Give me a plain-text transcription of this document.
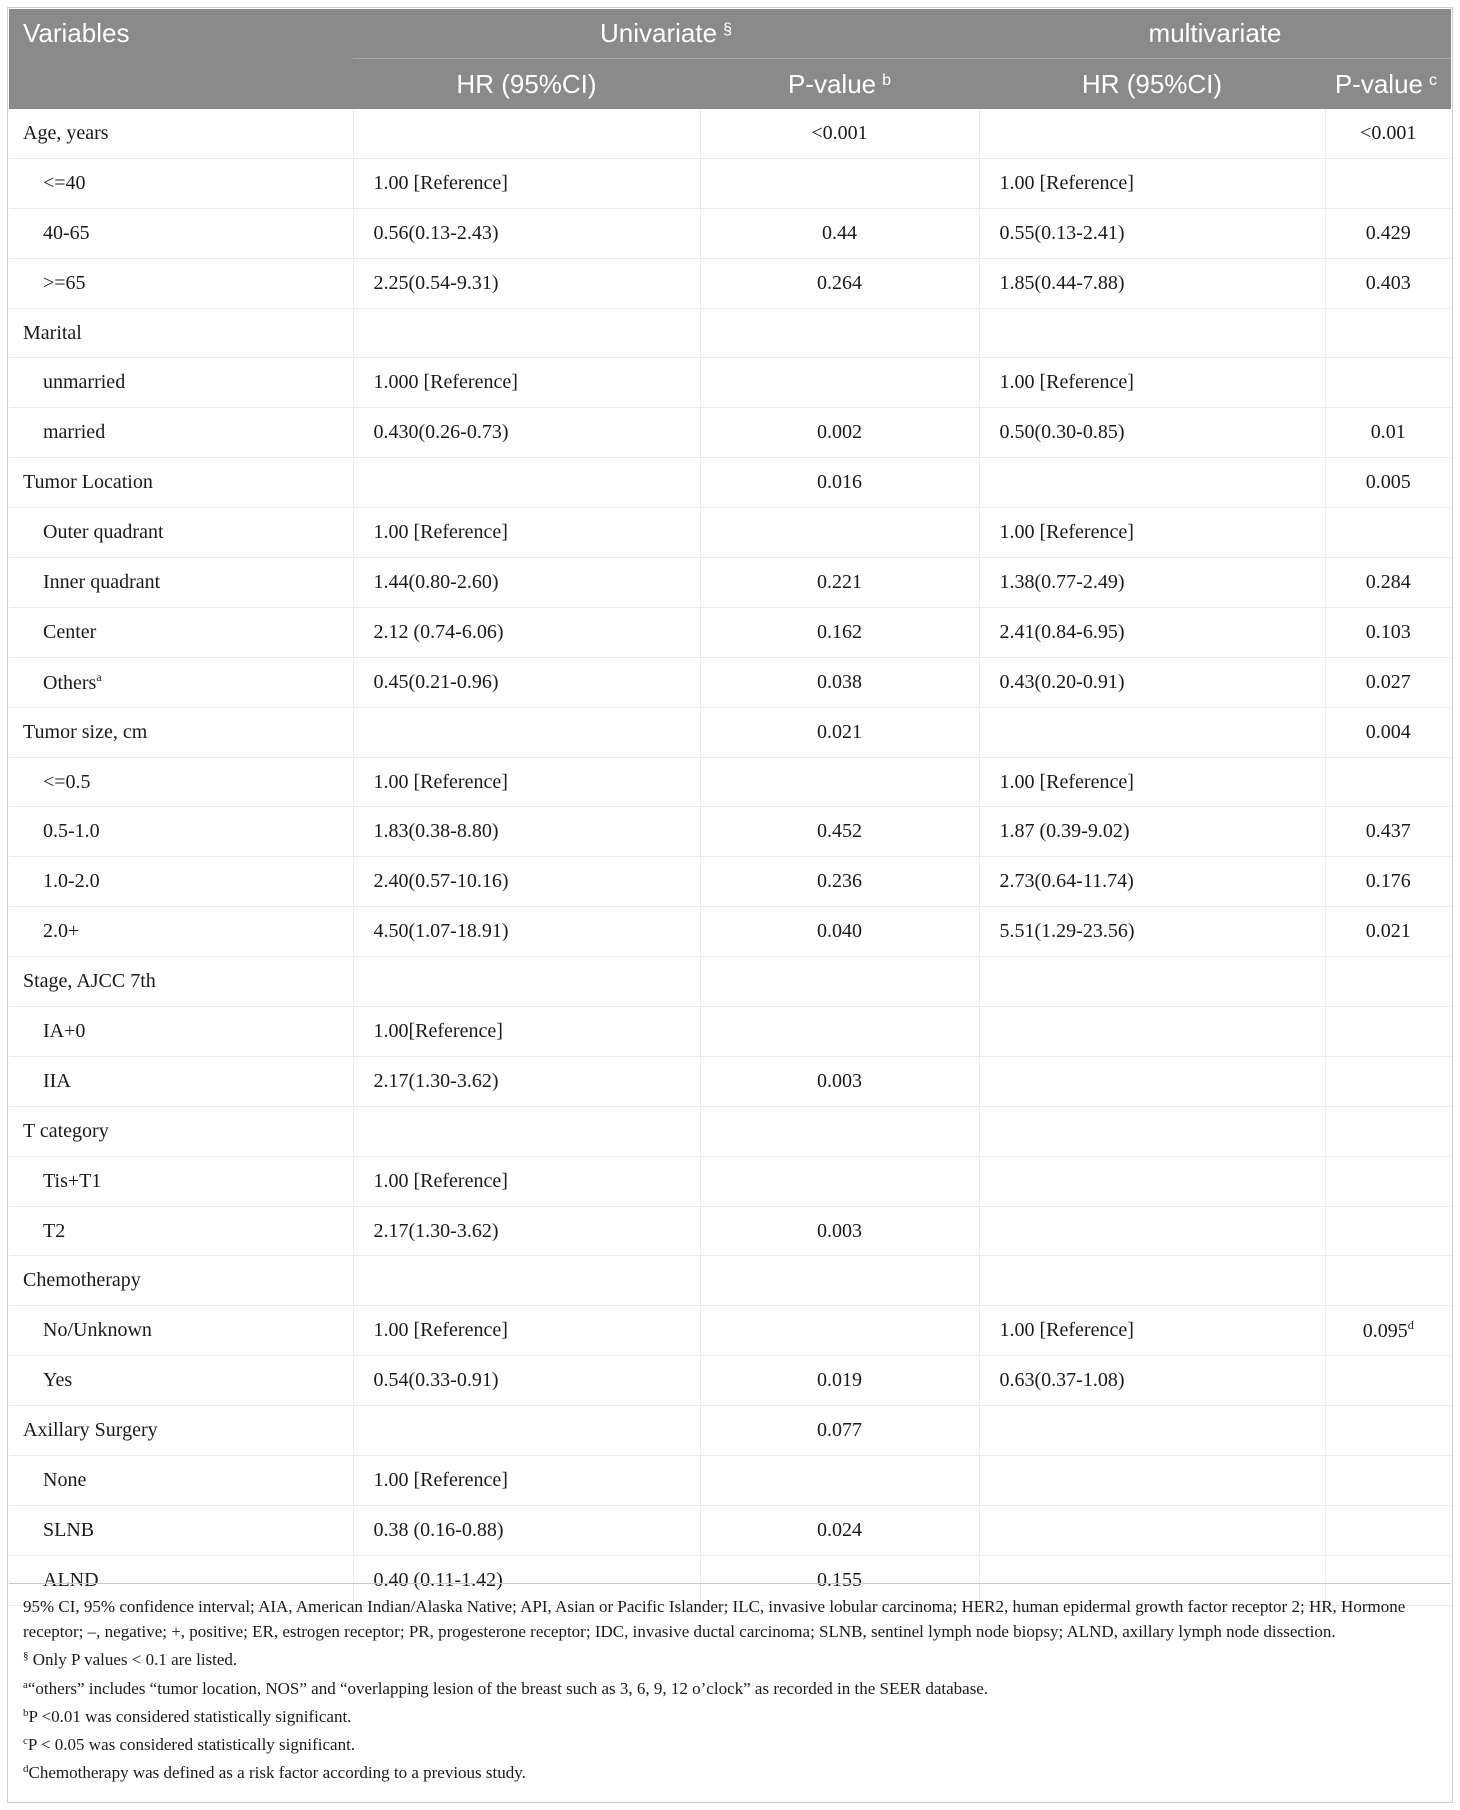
Variables	Univariate §		multivariate	
	HR (95%CI)	P-value $^b$	HR (95%CI)	P-value $^c$
Age, years		<0.001		<0.001
<=40	1.00 [Reference]		1.00 [Reference]	
40-65	0.56(0.13-2.43)	0.44	0.55(0.13-2.41)	0.429
>=65	2.25(0.54-9.31)	0.264	1.85(0.44-7.88)	0.403
Marital				
unmarried	1.000 [Reference]		1.00 [Reference]	
married	0.430(0.26-0.73)	0.002	0.50(0.30-0.85)	0.01
Tumor Location		0.016		0.005
Outer quadrant	1.00 [Reference]		1.00 [Reference]	
Inner quadrant	1.44(0.80-2.60)	0.221	1.38(0.77-2.49)	0.284
Center	2.12 (0.74-6.06)	0.162	2.41(0.84-6.95)	0.103
Others$^a$	0.45(0.21-0.96)	0.038	0.43(0.20-0.91)	0.027
Tumor size, cm		0.021		0.004
<=0.5	1.00 [Reference]		1.00 [Reference]	
0.5-1.0	1.83(0.38-8.80)	0.452	1.87 (0.39-9.02)	0.437
1.0-2.0	2.40(0.57-10.16)	0.236	2.73(0.64-11.74)	0.176
2.0+	4.50(1.07-18.91)	0.040	5.51(1.29-23.56)	0.021
Stage, AJCC 7th				
IA+0	1.00[Reference]			
IIA	2.17(1.30-3.62)	0.003		
T category				
Tis+T1	1.00 [Reference]			
T2	2.17(1.30-3.62)	0.003		
Chemotherapy				
No/Unknown	1.00 [Reference]		1.00 [Reference]	0.095$^d$
Yes	0.54(0.33-0.91)	0.019	0.63(0.37-1.08)	
Axillary Surgery		0.077		
None	1.00 [Reference]			
SLNB	0.38 (0.16-0.88)	0.024		
ALND	0.40 (0.11-1.42)	0.155		

95% CI, 95% confidence interval; AIA, American Indian/Alaska Native; API, Asian or Pacific Islander; ILC, invasive lobular carcinoma; HER2, human epidermal growth factor receptor 2; HR, Hormone receptor; –, negative; +, positive; ER, estrogen receptor; PR, progesterone receptor; IDC, invasive ductal carcinoma; SLNB, sentinel lymph node biopsy; ALND, axillary lymph node dissection.

§ Only P values < 0.1 are listed.

$^a$“others” includes “tumor location, NOS” and “overlapping lesion of the breast such as 3, 6, 9, 12 o’clock” as recorded in the SEER database.

$^b$P <0.01 was considered statistically significant.

$^c$P < 0.05 was considered statistically significant.

$^d$Chemotherapy was defined as a risk factor according to a previous study.
